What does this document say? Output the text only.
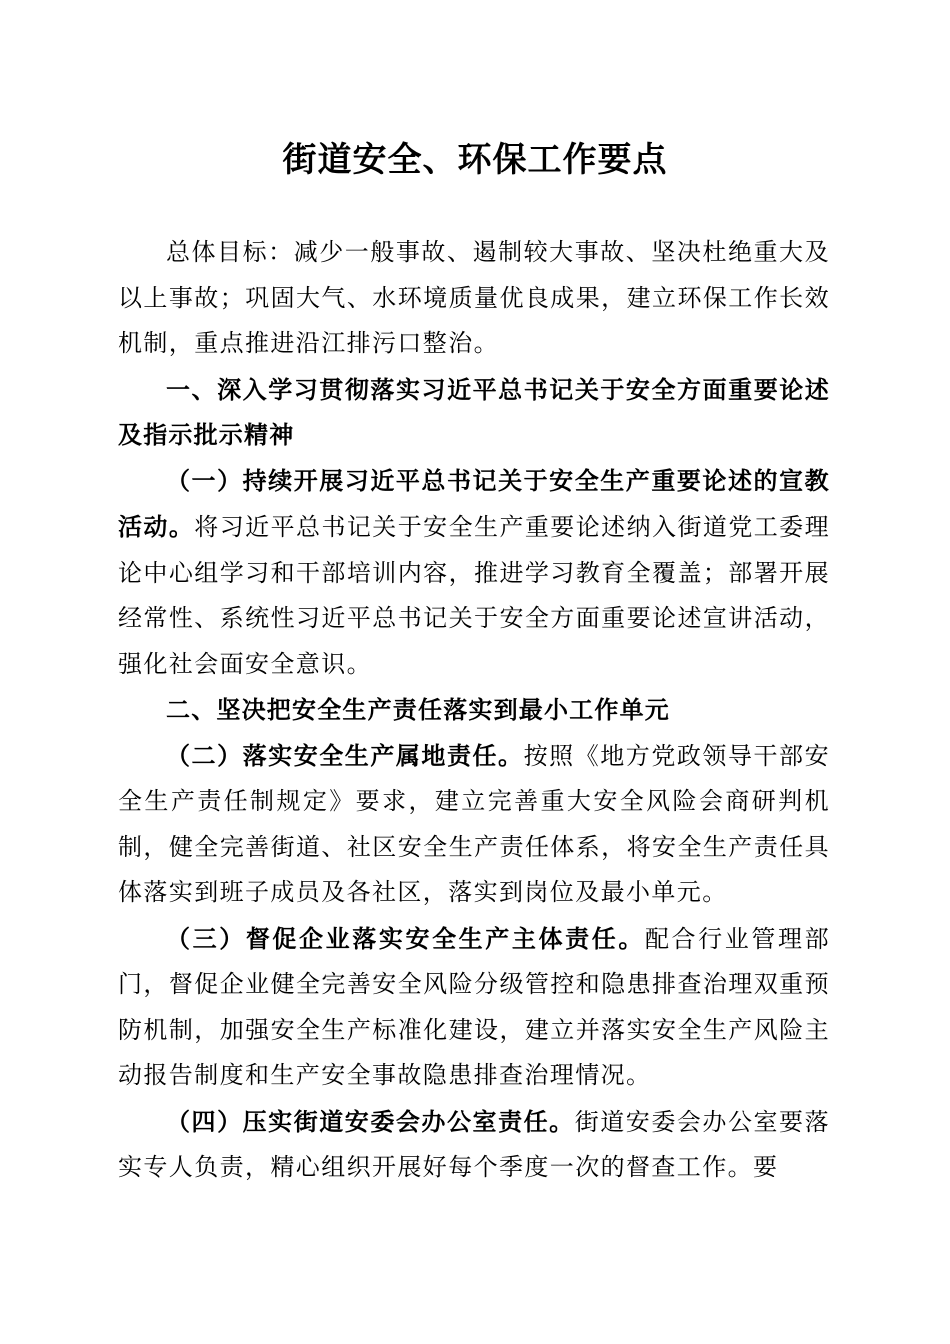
街道安全、环保工作要点

总体目标：减少一般事故、遏制较大事故、坚决杜绝重大及以上事故；巩固大气、水环境质量优良成果，建立环保工作长效机制，重点推进沿江排污口整治。

一、深入学习贯彻落实习近平总书记关于安全方面重要论述及指示批示精神

（一）持续开展习近平总书记关于安全生产重要论述的宣教活动。将习近平总书记关于安全生产重要论述纳入街道党工委理论中心组学习和干部培训内容，推进学习教育全覆盖；部署开展经常性、系统性习近平总书记关于安全方面重要论述宣讲活动，强化社会面安全意识。

二、坚决把安全生产责任落实到最小工作单元

（二）落实安全生产属地责任。按照《地方党政领导干部安全生产责任制规定》要求，建立完善重大安全风险会商研判机制，健全完善街道、社区安全生产责任体系，将安全生产责任具体落实到班子成员及各社区，落实到岗位及最小单元。

（三）督促企业落实安全生产主体责任。配合行业管理部门，督促企业健全完善安全风险分级管控和隐患排查治理双重预防机制，加强安全生产标准化建设，建立并落实安全生产风险主动报告制度和生产安全事故隐患排查治理情况。

（四）压实街道安委会办公室责任。街道安委会办公室要落实专人负责，精心组织开展好每个季度一次的督查工作。要
